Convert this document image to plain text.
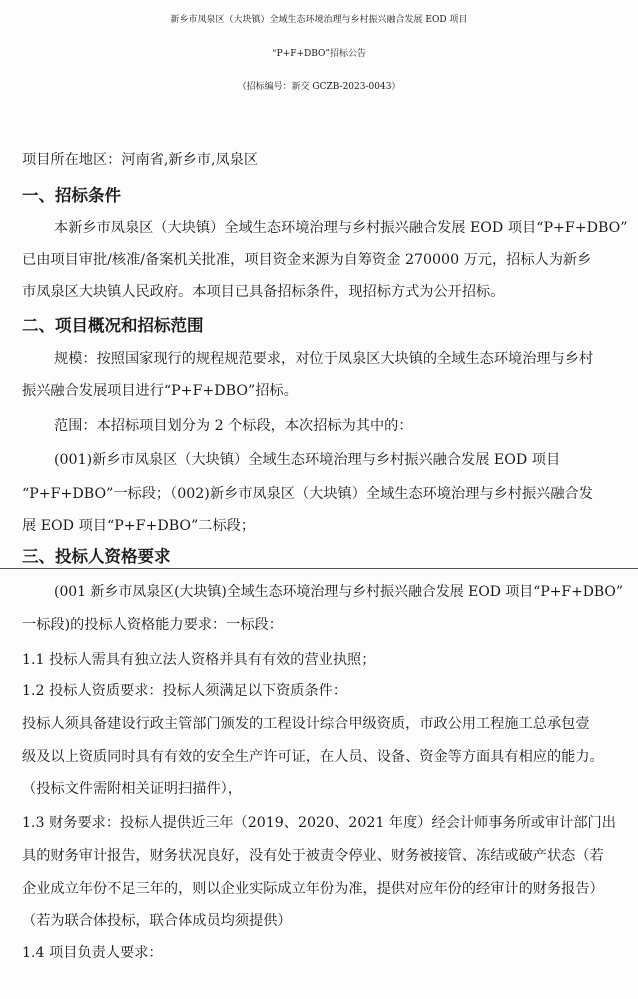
新乡市凤泉区（大块镇）全域生态环境治理与乡村振兴融合发展 EOD 项目
“P+F+DBO”招标公告
（招标编号：新交 GCZB-2023-0043）
项目所在地区：河南省,新乡市,凤泉区
一、招标条件
本新乡市凤泉区（大块镇）全域生态环境治理与乡村振兴融合发展 EOD 项目“P+F+DBO”
已由项目审批/核准/备案机关批准，项目资金来源为自筹资金 270000 万元，招标人为新乡
市凤泉区大块镇人民政府。本项目已具备招标条件，现招标方式为公开招标。
二、项目概况和招标范围
规模：按照国家现行的规程规范要求，对位于凤泉区大块镇的全域生态环境治理与乡村
振兴融合发展项目进行“P+F+DBO”招标。
范围：本招标项目划分为 2 个标段，本次招标为其中的：
(001)新乡市凤泉区（大块镇）全域生态环境治理与乡村振兴融合发展 EOD 项目
“P+F+DBO”一标段；（002)新乡市凤泉区（大块镇）全域生态环境治理与乡村振兴融合发
展 EOD 项目“P+F+DBO”二标段；
三、投标人资格要求
(001 新乡市凤泉区(大块镇)全域生态环境治理与乡村振兴融合发展 EOD 项目“P+F+DBO”
一标段)的投标人资格能力要求：一标段：
1.1 投标人需具有独立法人资格并具有有效的营业执照；
1.2 投标人资质要求：投标人须满足以下资质条件：
投标人须具备建设行政主管部门颁发的工程设计综合甲级资质，市政公用工程施工总承包壹
级及以上资质同时具有有效的安全生产许可证，在人员、设备、资金等方面具有相应的能力。
（投标文件需附相关证明扫描件），
1.3 财务要求：投标人提供近三年（2019、2020、2021 年度）经会计师事务所或审计部门出
具的财务审计报告，财务状况良好，没有处于被责令停业、财务被接管、冻结或破产状态（若
企业成立年份不足三年的，则以企业实际成立年份为准，提供对应年份的经审计的财务报告）
（若为联合体投标，联合体成员均须提供）
1.4 项目负责人要求：
